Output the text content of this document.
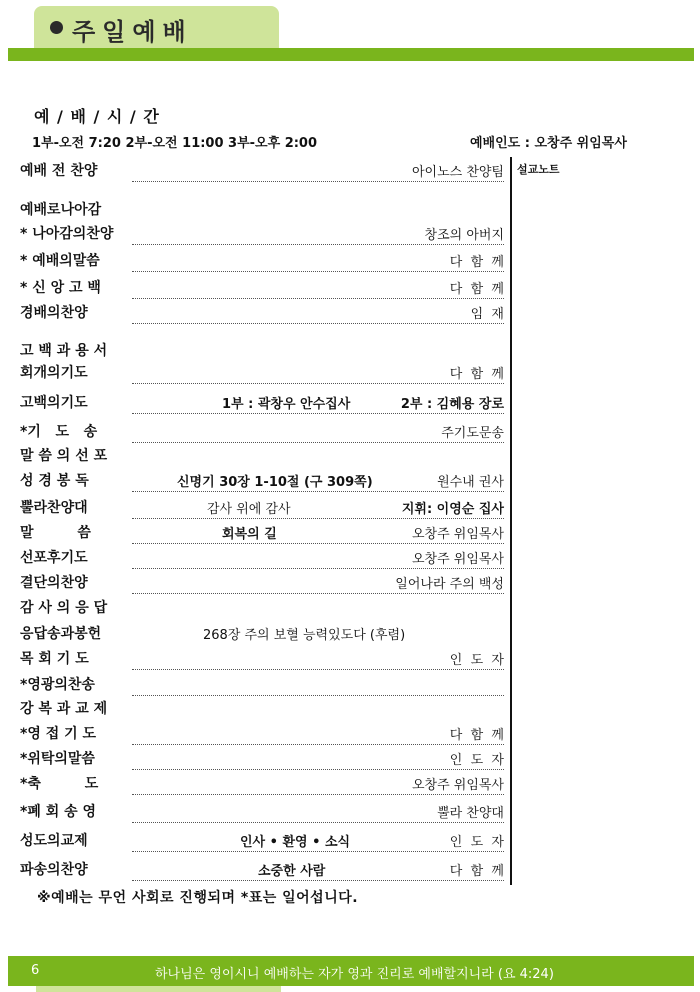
주일예배
예 / 배 / 시 / 간
1부-오전 7:20 2부-오전 11:00 3부-오후 2:00	예배인도 : 오창주 위임목사
설교노트
예배 전 찬양	아이노스 찬양팀
예배로나아감
* 나아감의찬양	창조의 아버지
* 예배의말씀	다  함  께
* 신 앙 고 백	다  함  께
경배의찬양	임  재
고 백 과 용 서
회개의기도	다  함  께
고백의기도	1부 : 곽창우 안수집사	2부 : 김혜용 장로
*기   도   송	주기도문송
말 씀 의 선 포
성 경 봉 독	신명기 30장 1-10절 (구 309쪽)	원수내 권사
뿔라찬양대	감사 위에 감사	지휘: 이영순 집사
말         씀	회복의 길	오창주 위임목사
선포후기도	오창주 위임목사
결단의찬양	일어나라 주의 백성
감 사 의 응 답
응답송과봉헌	268장 주의 보혈 능력있도다 (후렴)
목 회 기 도	인  도  자
*영광의찬송
강 복 과 교 제
*영 접 기 도	다  함  께
*위탁의말씀	인  도  자
*축         도	오창주 위임목사
*폐 회 송 영	뿔라 찬양대
성도의교제	인사 • 환영 • 소식	인  도  자
파송의찬양	소중한 사람	다  함  께
※예배는 무언 사회로 진행되며 *표는 일어섭니다.
6	하나님은 영이시니 예배하는 자가 영과 진리로 예배할지니라 (요 4:24)
